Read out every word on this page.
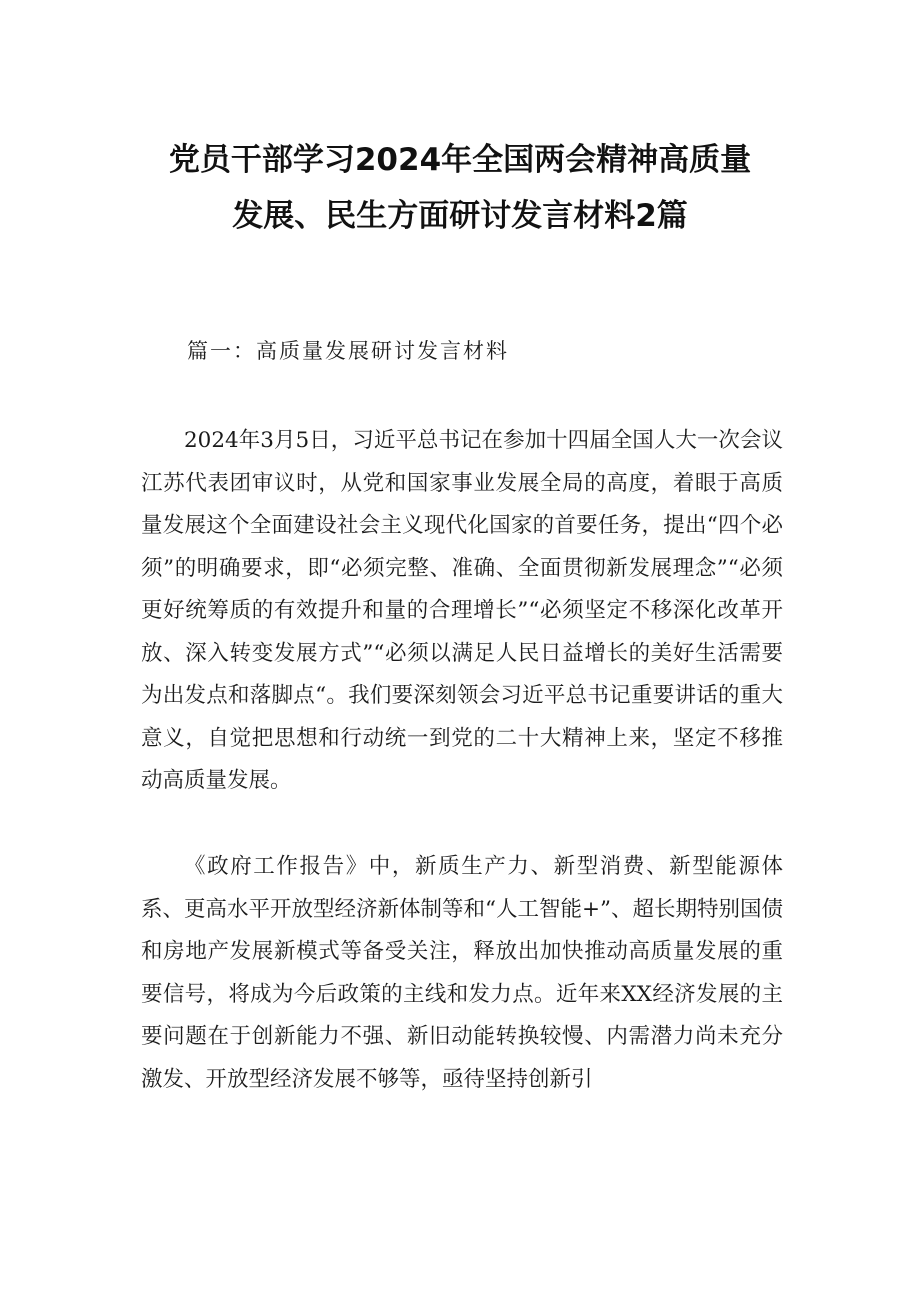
党员干部学习2024年全国两会精神高质量
发展、民生方面研讨发言材料2篇
篇一：高质量发展研讨发言材料

2024年3月5日，习近平总书记在参加十四届全国人大一次会议江苏代表团审议时，从党和国家事业发展全局的高度，着眼于高质量发展这个全面建设社会主义现代化国家的首要任务，提出“四个必须”的明确要求，即“必须完整、准确、全面贯彻新发展理念”“必须更好统筹质的有效提升和量的合理增长”“必须坚定不移深化改革开放、深入转变发展方式”“必须以满足人民日益增长的美好生活需要为出发点和落脚点“。我们要深刻领会习近平总书记重要讲话的重大意义，自觉把思想和行动统一到党的二十大精神上来，坚定不移推动高质量发展。

《政府工作报告》中，新质生产力、新型消费、新型能源体系、更高水平开放型经济新体制等和“人工智能+”、超长期特别国债和房地产发展新模式等备受关注，释放出加快推动高质量发展的重要信号，将成为今后政策的主线和发力点。近年来XX经济发展的主要问题在于创新能力不强、新旧动能转换较慢、内需潜力尚未充分激发、开放型经济发展不够等，亟待坚持创新引
